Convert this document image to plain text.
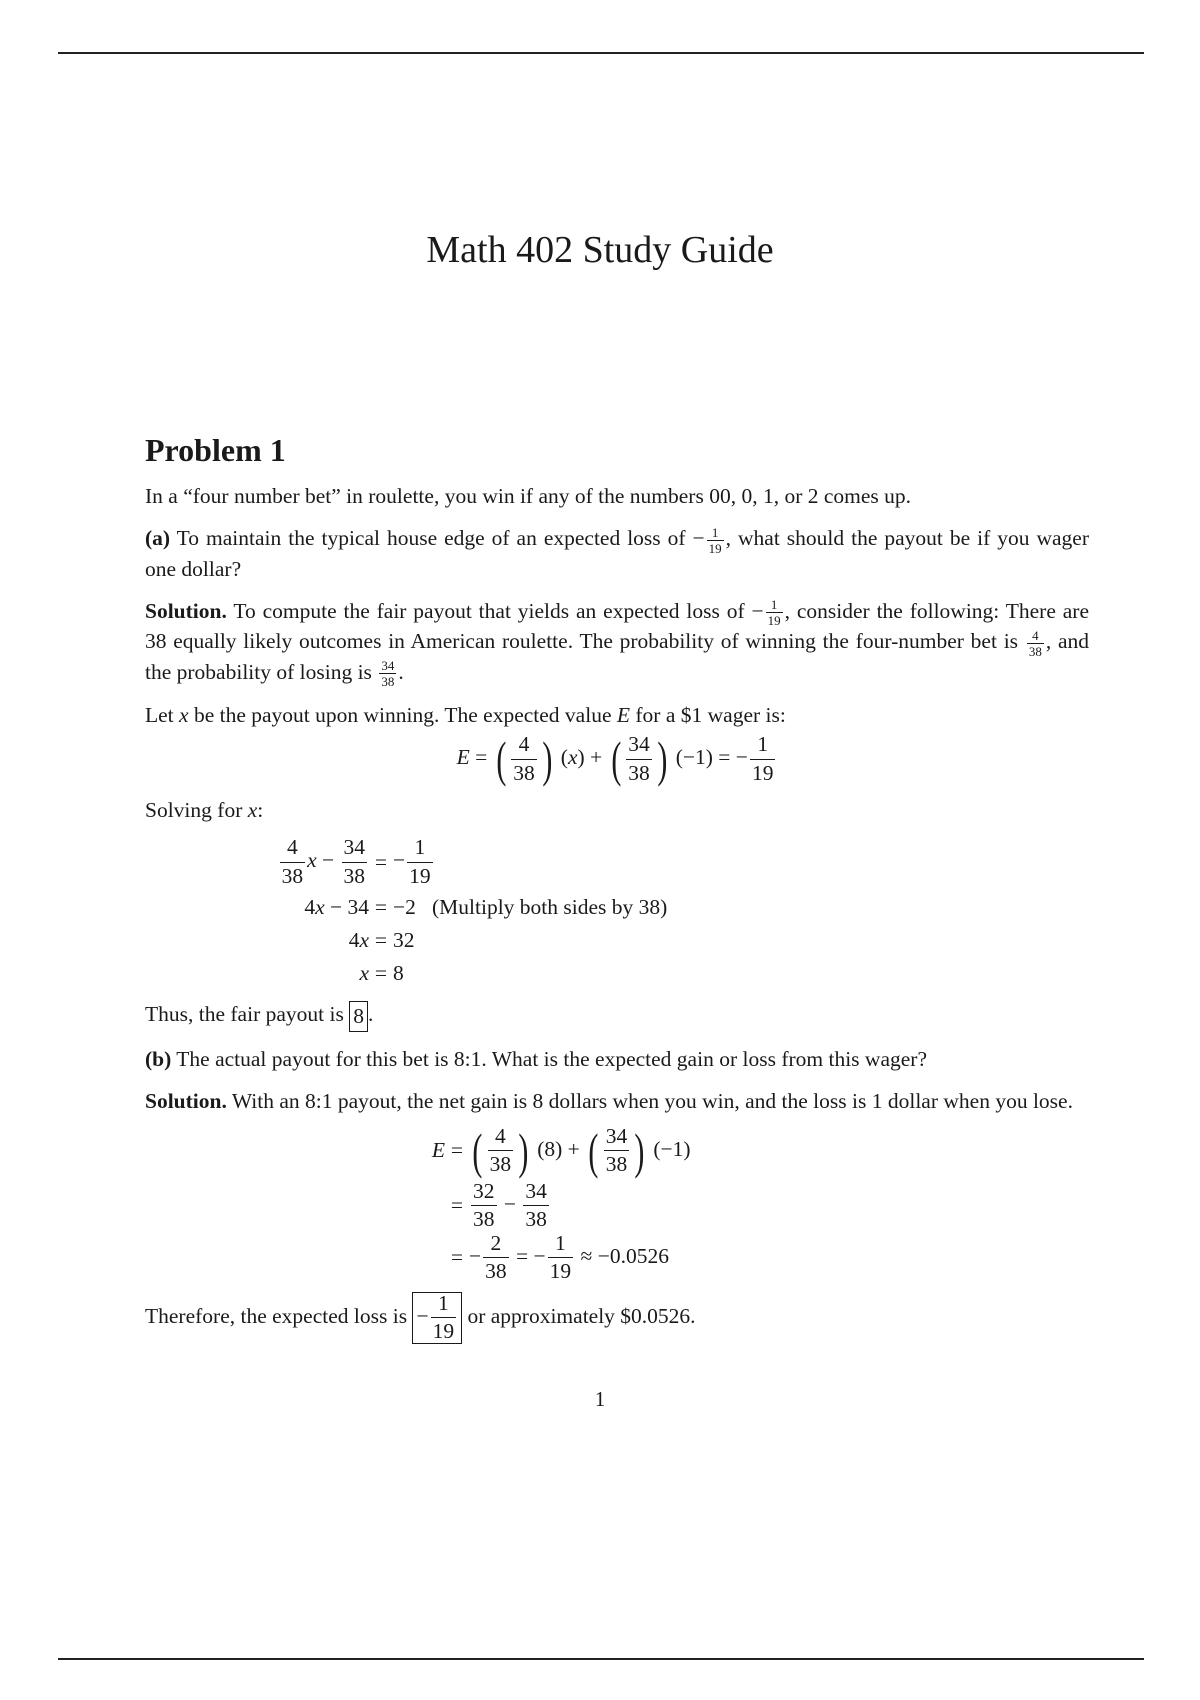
Math 402 Study Guide
Problem 1

In a “four number bet” in roulette, you win if any of the numbers 00, 0, 1, or 2 comes up.

(a) To maintain the typical house edge of an expected loss of − $\frac{1}{19}$ , what should the payout be if you wager one dollar?

Solution. To compute the fair payout that yields an expected loss of − $\frac{1}{19}$ , consider the following: There are 38 equally likely outcomes in American roulette. The probability of winning the four-number bet is $\frac{4}{38}$ , and the probability of losing is $\frac{34}{38}$ .

Let x be the payout upon winning. The expected value E for a $1 wager is:

E = ( $\frac{4}{38}$ ) (x) + ( $\frac{34}{38}$ ) (−1) = − $\frac{1}{19}$

Solving for x:

$\frac{4}{38}$ $x - \frac{34}{38}$ = − $\frac{1}{19}$
4x − 34 = −2   (Multiply both sides by 38)
4x = 32
x = 8

Thus, the fair payout is 8 .

(b) The actual payout for this bet is 8:1. What is the expected gain or loss from this wager?

Solution. With an 8:1 payout, the net gain is 8 dollars when you win, and the loss is 1 dollar when you lose.

E = ( $\frac{4}{38}$ ) (8) + ( $\frac{34}{38}$ ) (−1)
= $\frac{32}{38} - \frac{34}{38}$
= − $\frac{2}{38}$ = − $\frac{1}{19} \approx -0.0526$

Therefore, the expected loss is − $\frac{1}{19}$ or approximately $0.0526.

1
